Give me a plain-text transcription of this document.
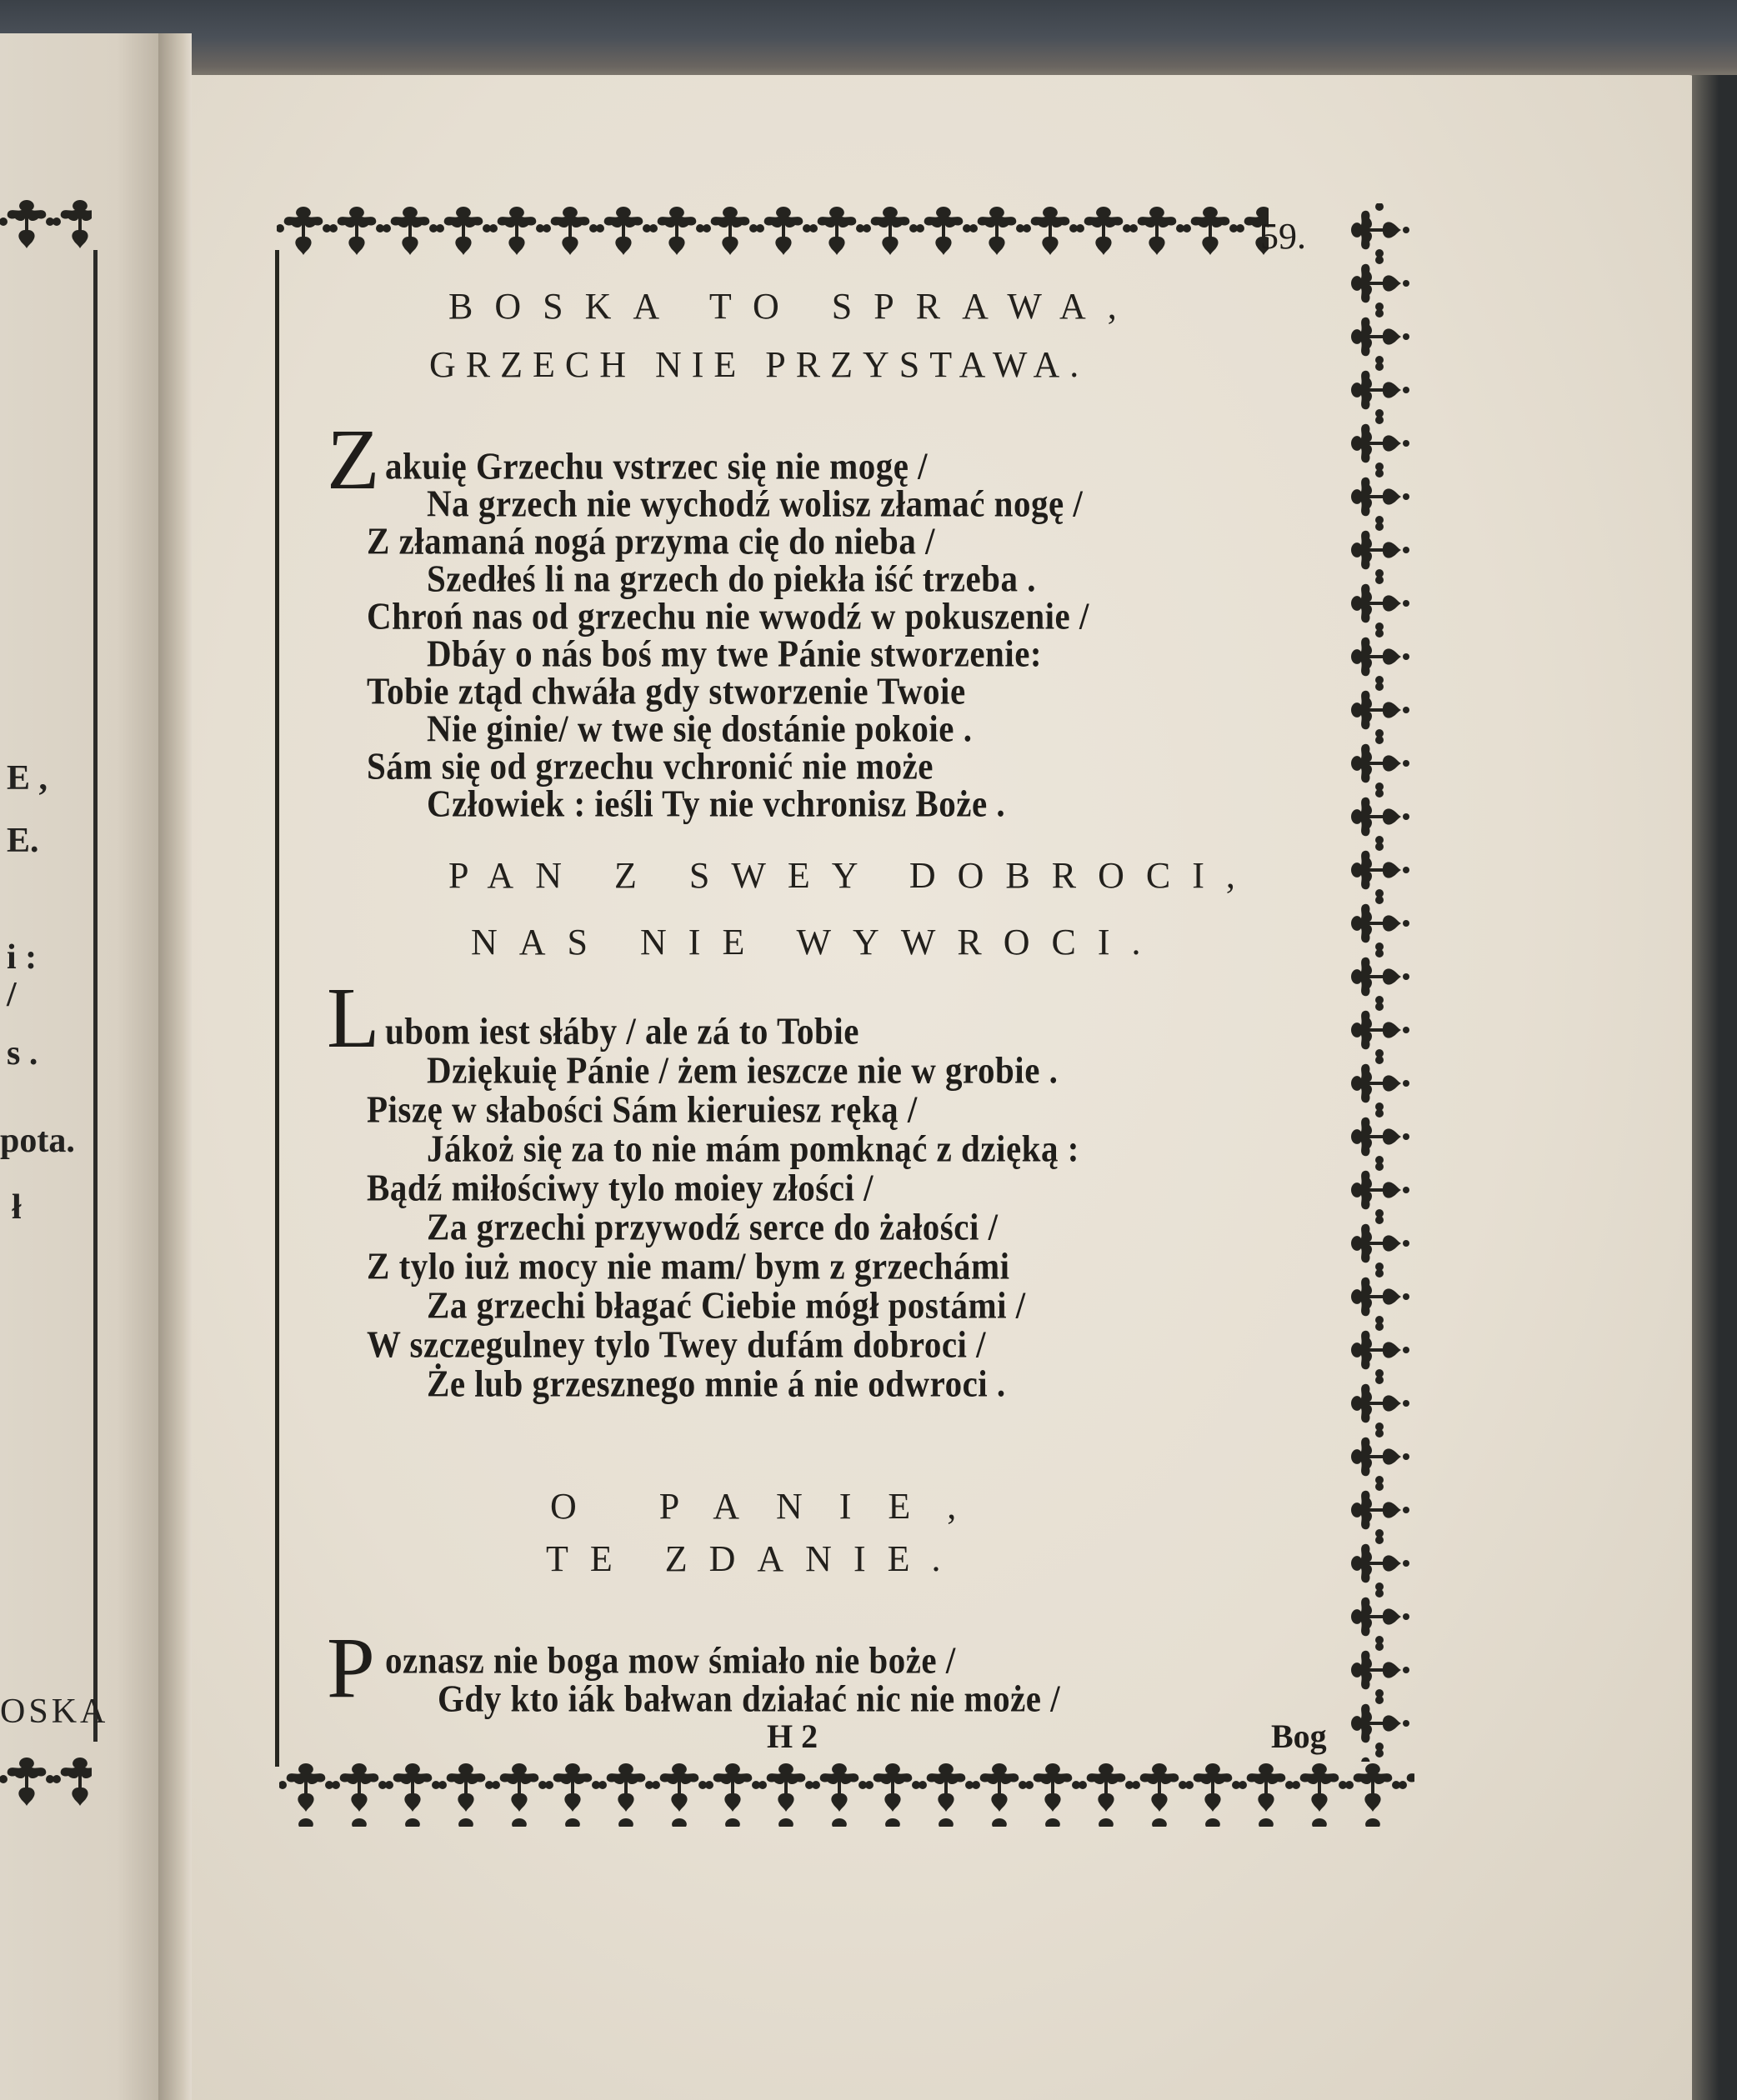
E ,
E.
i :
/
s .
pota.
ł
OSKA
59.
BOSKA TO SPRAWA,
GRZECH NIE PRZYSTAWA.
Z akuię Grzechu vstrzec się nie mogę /
Na grzech nie wychodź wolisz złamać nogę /
Z złamaná nogá przyma cię do nieba /
Szedłeś li na grzech do piekła iść trzeba .
Chroń nas od grzechu nie wwodź w pokuszenie /
Dbáy o nás boś my twe Pánie stworzenie:
Tobie ztąd chwáła gdy stworzenie Twoie
Nie ginie/ w twe się dostánie pokoie .
Sám się od grzechu vchronić nie może
Człowiek : ieśli Ty nie vchronisz Boże .
PAN Z SWEY DOBROCI,
NAS NIE WYWROCI.
L ubom iest słáby / ale zá to Tobie
Dziękuię Pánie / żem ieszcze nie w grobie .
Piszę w słabości Sám kieruiesz ręką /
Jákoż się za to nie mám pomknąć z dzięką :
Bądź miłościwy tylo moiey złości /
Za grzechi przywodź serce do żałości /
Z tylo iuż mocy nie mam/ bym z grzechámi
Za grzechi błagać Ciebie mógł postámi /
W szczegulney tylo Twey dufám dobroci /
Że lub grzesznego mnie á nie odwroci .
O PANIE,
TE ZDANIE.
P oznasz nie boga mow śmiało nie boże /
Gdy kto iák bałwan działać nic nie może /
H 2	Bog
